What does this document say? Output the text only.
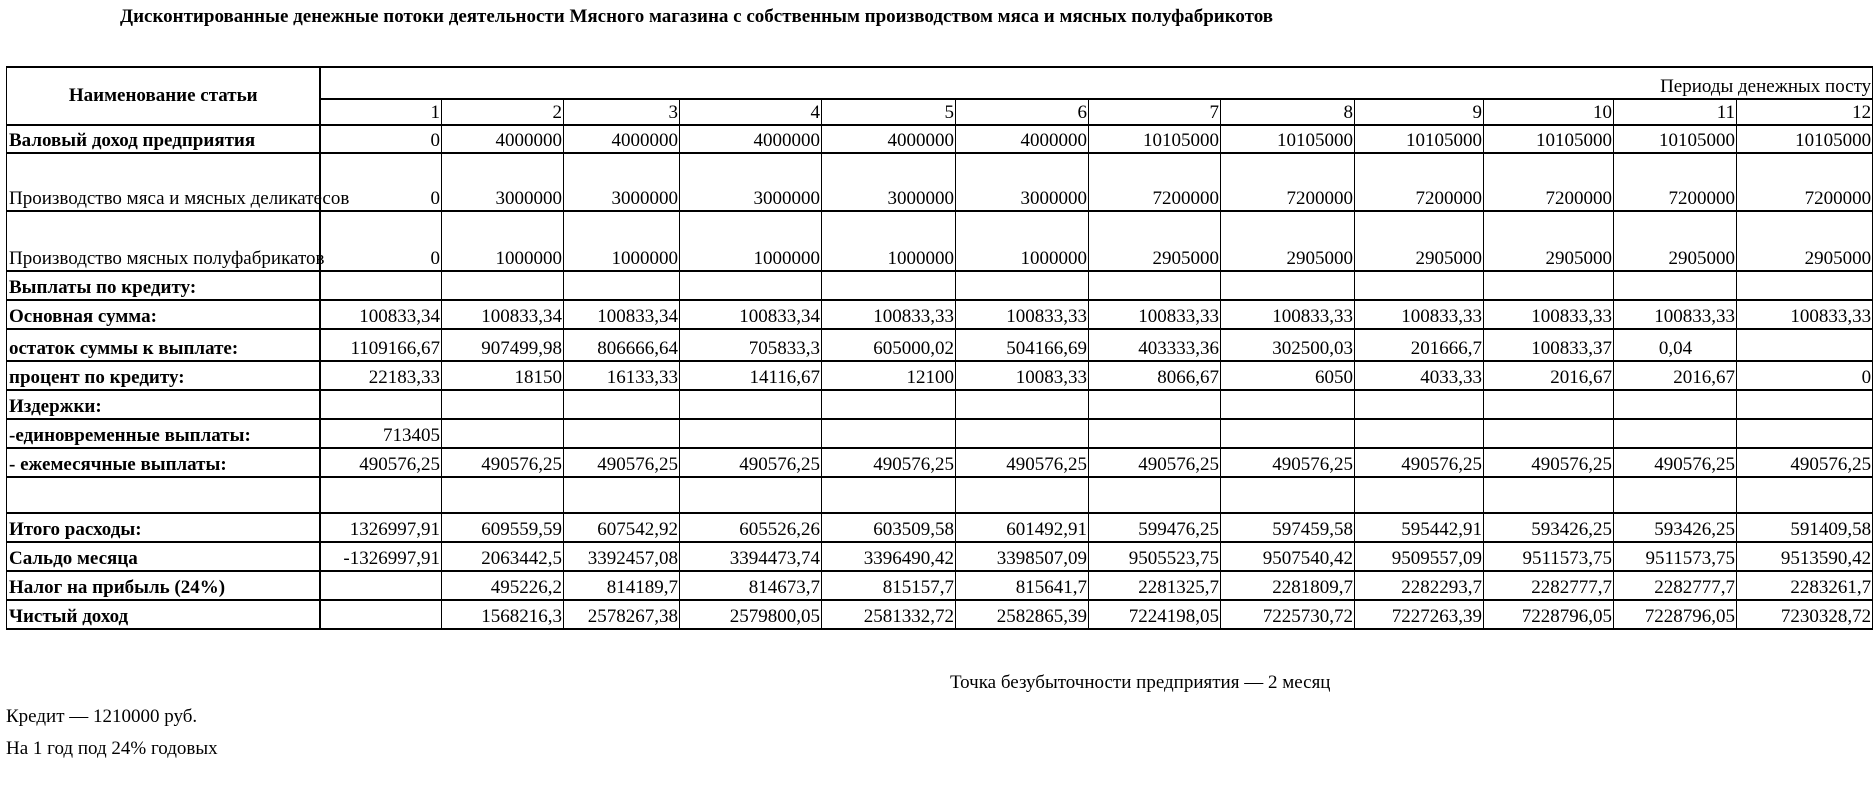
Дисконтированные денежные потоки деятельности Мясного магазина с собственным производством мяса и мясных полуфабрикотов
Наименование статьи	Периоды денежных посту											
	1	2	3	4	5	6	7	8	9	10	11	12
Валовый доход предприятия	0	4000000	4000000	4000000	4000000	4000000	10105000	10105000	10105000	10105000	10105000	10105000
Производство мяса и мясных деликатесов	0	3000000	3000000	3000000	3000000	3000000	7200000	7200000	7200000	7200000	7200000	7200000
Производство мясных полуфабрикатов	0	1000000	1000000	1000000	1000000	1000000	2905000	2905000	2905000	2905000	2905000	2905000
Выплаты по кредиту:												
Основная сумма:	100833,34	100833,34	100833,34	100833,34	100833,33	100833,33	100833,33	100833,33	100833,33	100833,33	100833,33	100833,33
остаток суммы к выплате:	1109166,67	907499,98	806666,64	705833,3	605000,02	504166,69	403333,36	302500,03	201666,7	100833,37	0,04	
процент по кредиту:	22183,33	18150	16133,33	14116,67	12100	10083,33	8066,67	6050	4033,33	2016,67	2016,67	0
Издержки:												
-единовременные выплаты:	713405											
- ежемесячные выплаты:	490576,25	490576,25	490576,25	490576,25	490576,25	490576,25	490576,25	490576,25	490576,25	490576,25	490576,25	490576,25

Итого расходы:	1326997,91	609559,59	607542,92	605526,26	603509,58	601492,91	599476,25	597459,58	595442,91	593426,25	593426,25	591409,58
Сальдо месяца	-1326997,91	2063442,5	3392457,08	3394473,74	3396490,42	3398507,09	9505523,75	9507540,42	9509557,09	9511573,75	9511573,75	9513590,42
Налог на прибыль (24%)		495226,2	814189,7	814673,7	815157,7	815641,7	2281325,7	2281809,7	2282293,7	2282777,7	2282777,7	2283261,7
Чистый доход		1568216,3	2578267,38	2579800,05	2581332,72	2582865,39	7224198,05	7225730,72	7227263,39	7228796,05	7228796,05	7230328,72
Точка безубыточности предприятия — 2 месяц
Кредит — 1210000 руб.
На 1 год под 24% годовых
